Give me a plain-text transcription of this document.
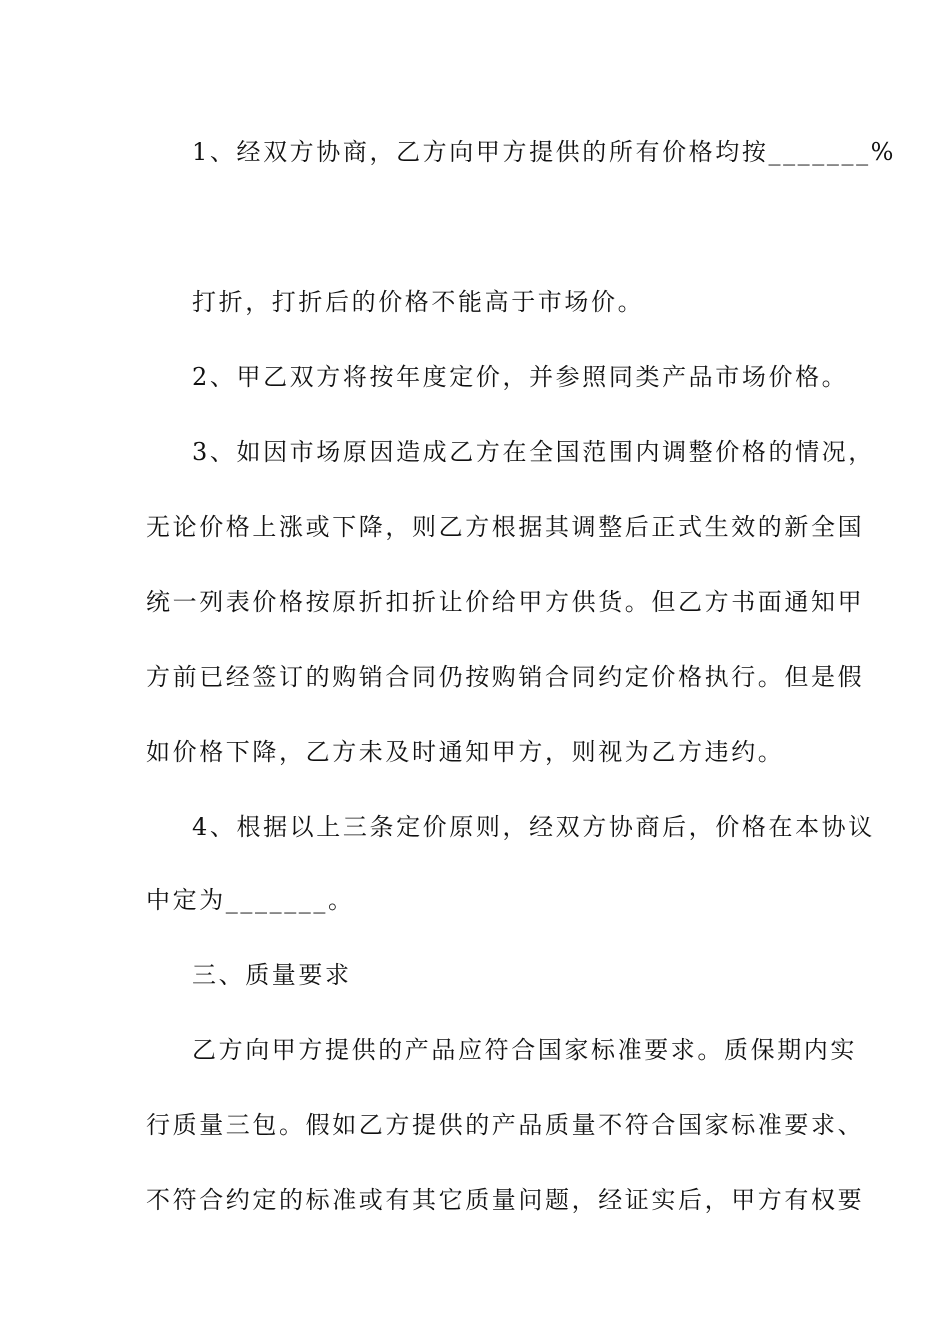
1、经双方协商，乙方向甲方提供的所有价格均按_______%
打折，打折后的价格不能高于市场价。
2、甲乙双方将按年度定价，并参照同类产品市场价格。
3、如因市场原因造成乙方在全国范围内调整价格的情况，
无论价格上涨或下降，则乙方根据其调整后正式生效的新全国
统一列表价格按原折扣折让价给甲方供货。但乙方书面通知甲
方前已经签订的购销合同仍按购销合同约定价格执行。但是假
如价格下降，乙方未及时通知甲方，则视为乙方违约。
4、根据以上三条定价原则，经双方协商后，价格在本协议
中定为_______。
三、质量要求
乙方向甲方提供的产品应符合国家标准要求。质保期内实
行质量三包。假如乙方提供的产品质量不符合国家标准要求、
不符合约定的标准或有其它质量问题，经证实后，甲方有权要
